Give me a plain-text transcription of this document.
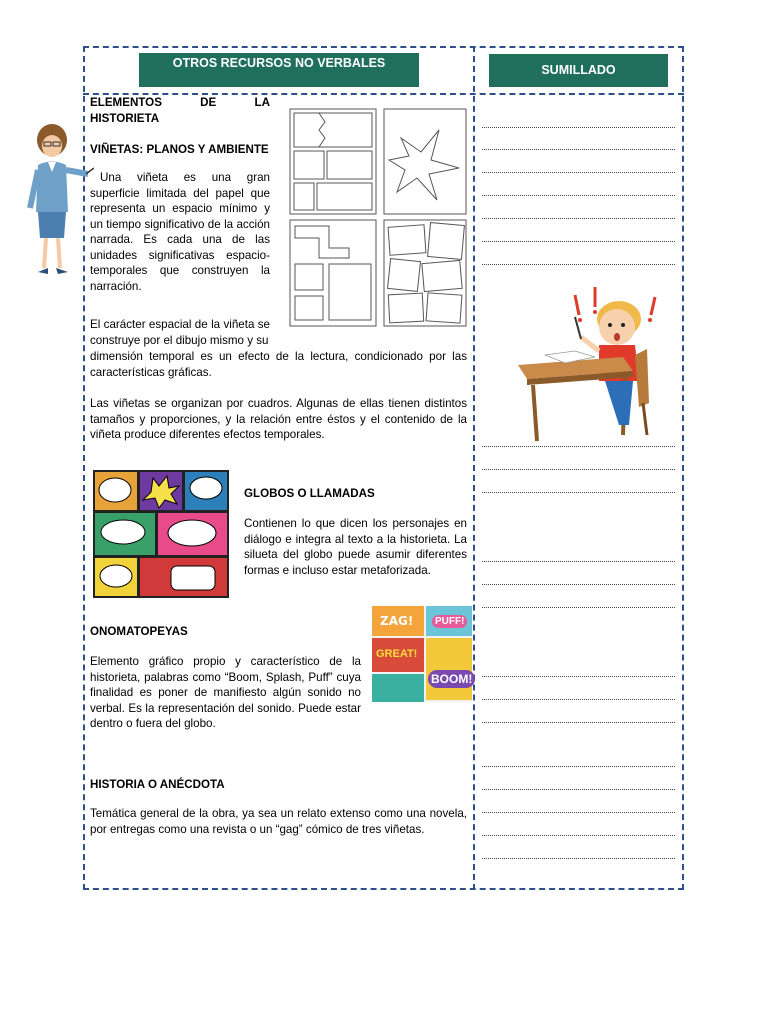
OTROS RECURSOS NO VERBALES	SUMILLADO
ELEMENTOS DE LA HISTORIETA
VIÑETAS: PLANOS Y AMBIENTE
Una viñeta es una gran superficie limitada del papel que representa un espacio mínimo y un tiempo significativo de la acción narrada. Es cada una de las unidades significativas espacio-temporales que construyen la narración.
El carácter espacial de la viñeta se construye por el dibujo mismo y su
dimensión temporal es un efecto de la lectura, condicionado por las características gráficas.
Las viñetas se organizan por cuadros. Algunas de ellas tienen distintos tamaños y proporciones, y la relación entre éstos y el contenido de la viñeta produce diferentes efectos temporales.
GLOBOS O LLAMADAS
Contienen lo que dicen los personajes en diálogo e integra al texto a la historieta. La silueta del globo puede asumir diferentes formas e incluso estar metaforizada.
ONOMATOPEYAS
Elemento gráfico propio y característico de la historieta, palabras como “Boom, Splash, Puff” cuya finalidad es poner de manifiesto algún sonido no verbal. Es la representación del sonido. Puede estar dentro o fuera del globo.
ZAG!	PUFF!
GREAT!
BOOM!
HISTORIA O ANÉCDOTA
Temática general de la obra, ya sea un relato extenso como una novela, por entregas como una revista o un “gag” cómico de tres viñetas.
